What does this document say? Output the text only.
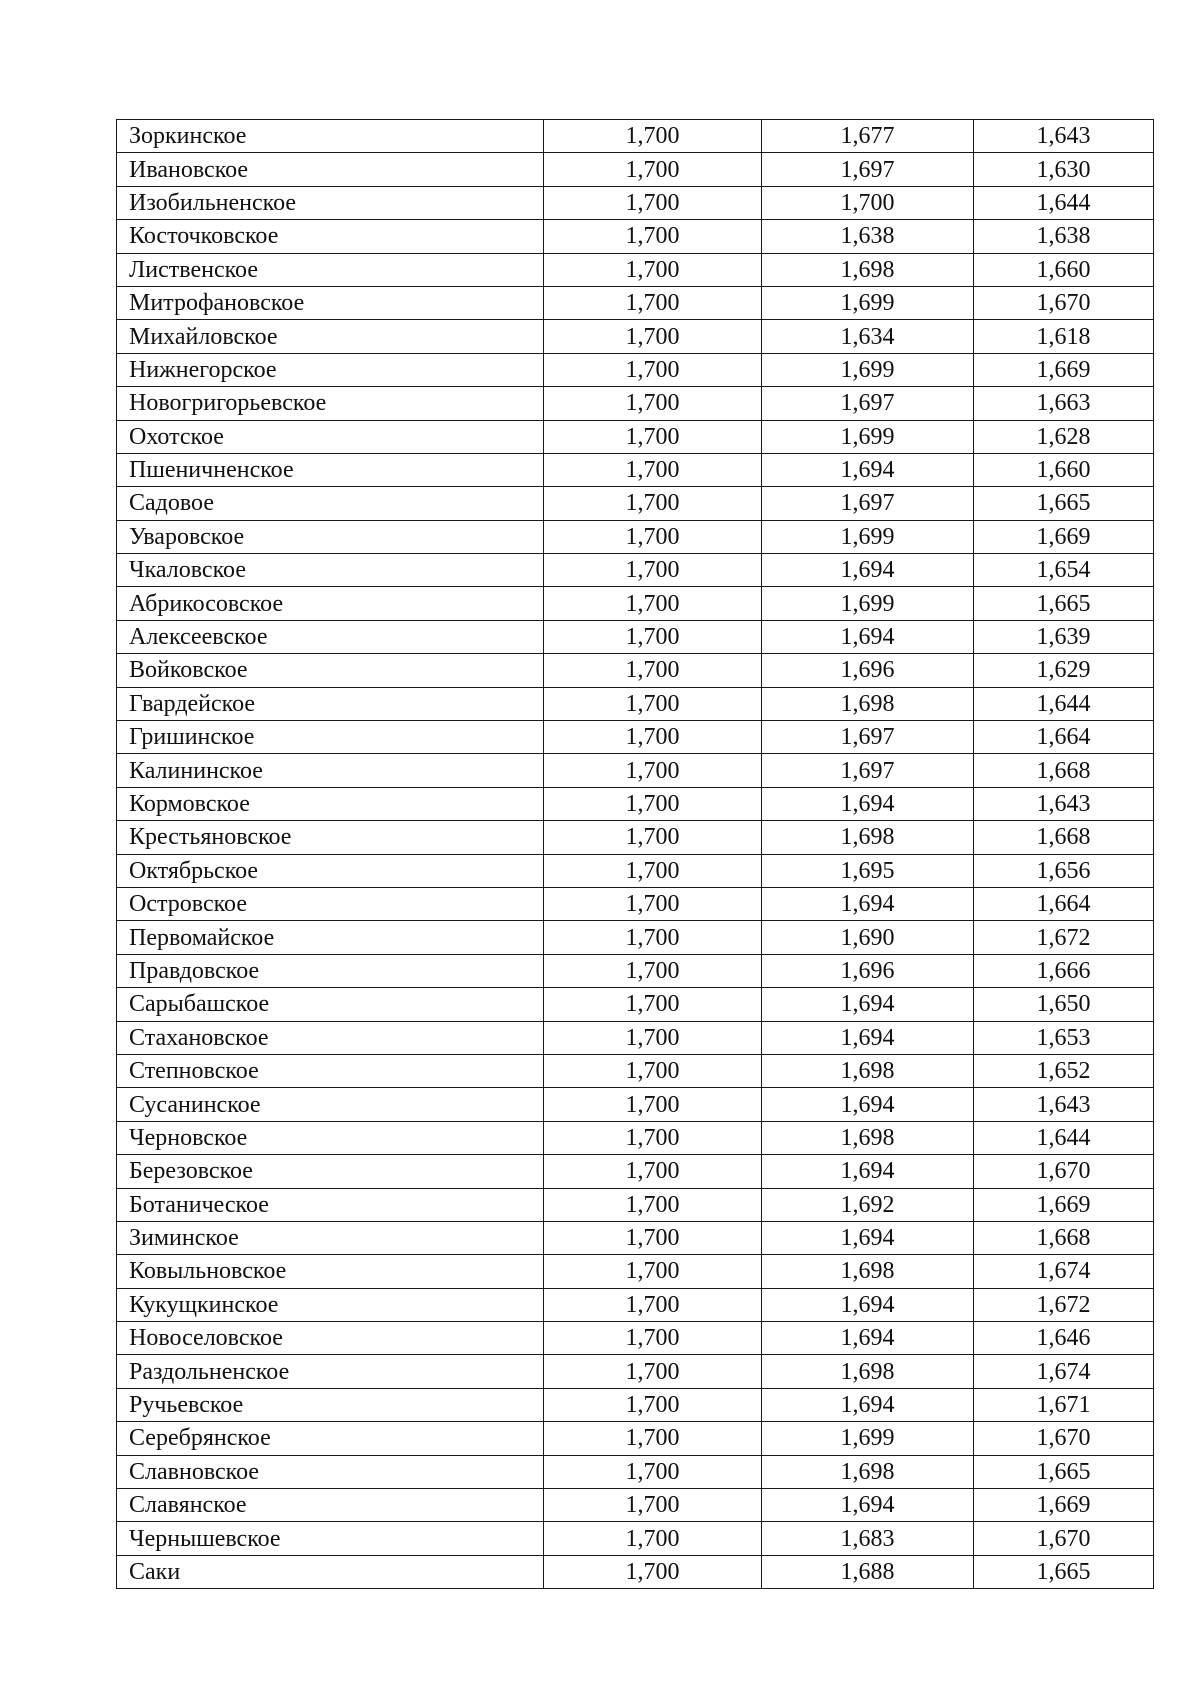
Зоркинское	1,700	1,677	1,643
Ивановское	1,700	1,697	1,630
Изобильненское	1,700	1,700	1,644
Косточковское	1,700	1,638	1,638
Лиственское	1,700	1,698	1,660
Митрофановское	1,700	1,699	1,670
Михайловское	1,700	1,634	1,618
Нижнегорское	1,700	1,699	1,669
Новогригорьевское	1,700	1,697	1,663
Охотское	1,700	1,699	1,628
Пшеничненское	1,700	1,694	1,660
Садовое	1,700	1,697	1,665
Уваровское	1,700	1,699	1,669
Чкаловское	1,700	1,694	1,654
Абрикосовское	1,700	1,699	1,665
Алексеевское	1,700	1,694	1,639
Войковское	1,700	1,696	1,629
Гвардейское	1,700	1,698	1,644
Гришинское	1,700	1,697	1,664
Калининское	1,700	1,697	1,668
Кормовское	1,700	1,694	1,643
Крестьяновское	1,700	1,698	1,668
Октябрьское	1,700	1,695	1,656
Островское	1,700	1,694	1,664
Первомайское	1,700	1,690	1,672
Правдовское	1,700	1,696	1,666
Сарыбашское	1,700	1,694	1,650
Стахановское	1,700	1,694	1,653
Степновское	1,700	1,698	1,652
Сусанинское	1,700	1,694	1,643
Черновское	1,700	1,698	1,644
Березовское	1,700	1,694	1,670
Ботаническое	1,700	1,692	1,669
Зиминское	1,700	1,694	1,668
Ковыльновское	1,700	1,698	1,674
Кукущкинское	1,700	1,694	1,672
Новоселовское	1,700	1,694	1,646
Раздольненское	1,700	1,698	1,674
Ручьевское	1,700	1,694	1,671
Серебрянское	1,700	1,699	1,670
Славновское	1,700	1,698	1,665
Славянское	1,700	1,694	1,669
Чернышевское	1,700	1,683	1,670
Саки	1,700	1,688	1,665
